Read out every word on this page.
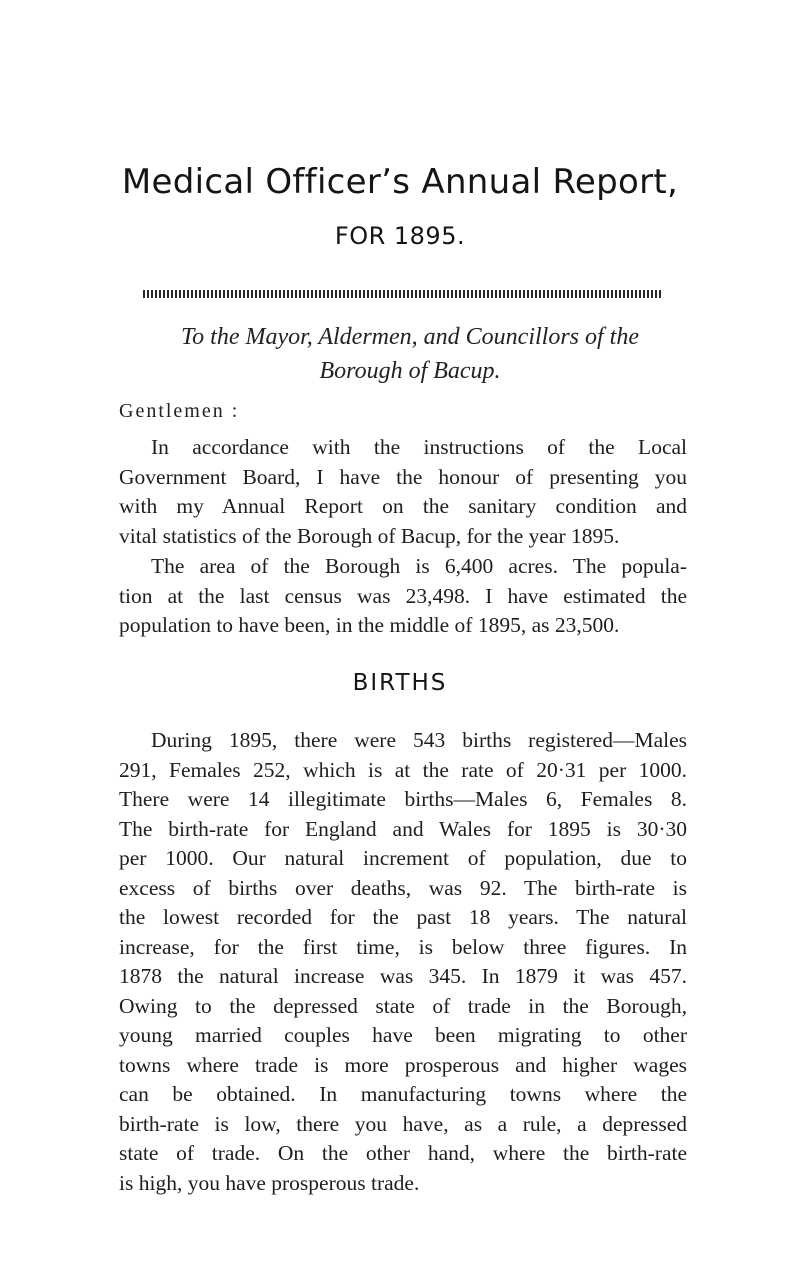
Medical Officer’s Annual Report,
FOR 1895.
To the Mayor, Aldermen, and Councillors of the
Borough of Bacup.
Gentlemen :
In accordance with the instructions of the Local
Government Board, I have the honour of presenting you
with my Annual Report on the sanitary condition and
vital statistics of the Borough of Bacup, for the year 1895.
The area of the Borough is 6,400 acres. The popula-
tion at the last census was 23,498. I have estimated the
population to have been, in the middle of 1895, as 23,500.
BIRTHS
During 1895, there were 543 births registered—Males
291, Females 252, which is at the rate of 20·31 per 1000.
There were 14 illegitimate births—Males 6, Females 8.
The birth-rate for England and Wales for 1895 is 30·30
per 1000. Our natural increment of population, due to
excess of births over deaths, was 92. The birth-rate is
the lowest recorded for the past 18 years. The natural
increase, for the first time, is below three figures. In
1878 the natural increase was 345. In 1879 it was 457.
Owing to the depressed state of trade in the Borough,
young married couples have been migrating to other
towns where trade is more prosperous and higher wages
can be obtained. In manufacturing towns where the
birth-rate is low, there you have, as a rule, a depressed
state of trade. On the other hand, where the birth-rate
is high, you have prosperous trade.
